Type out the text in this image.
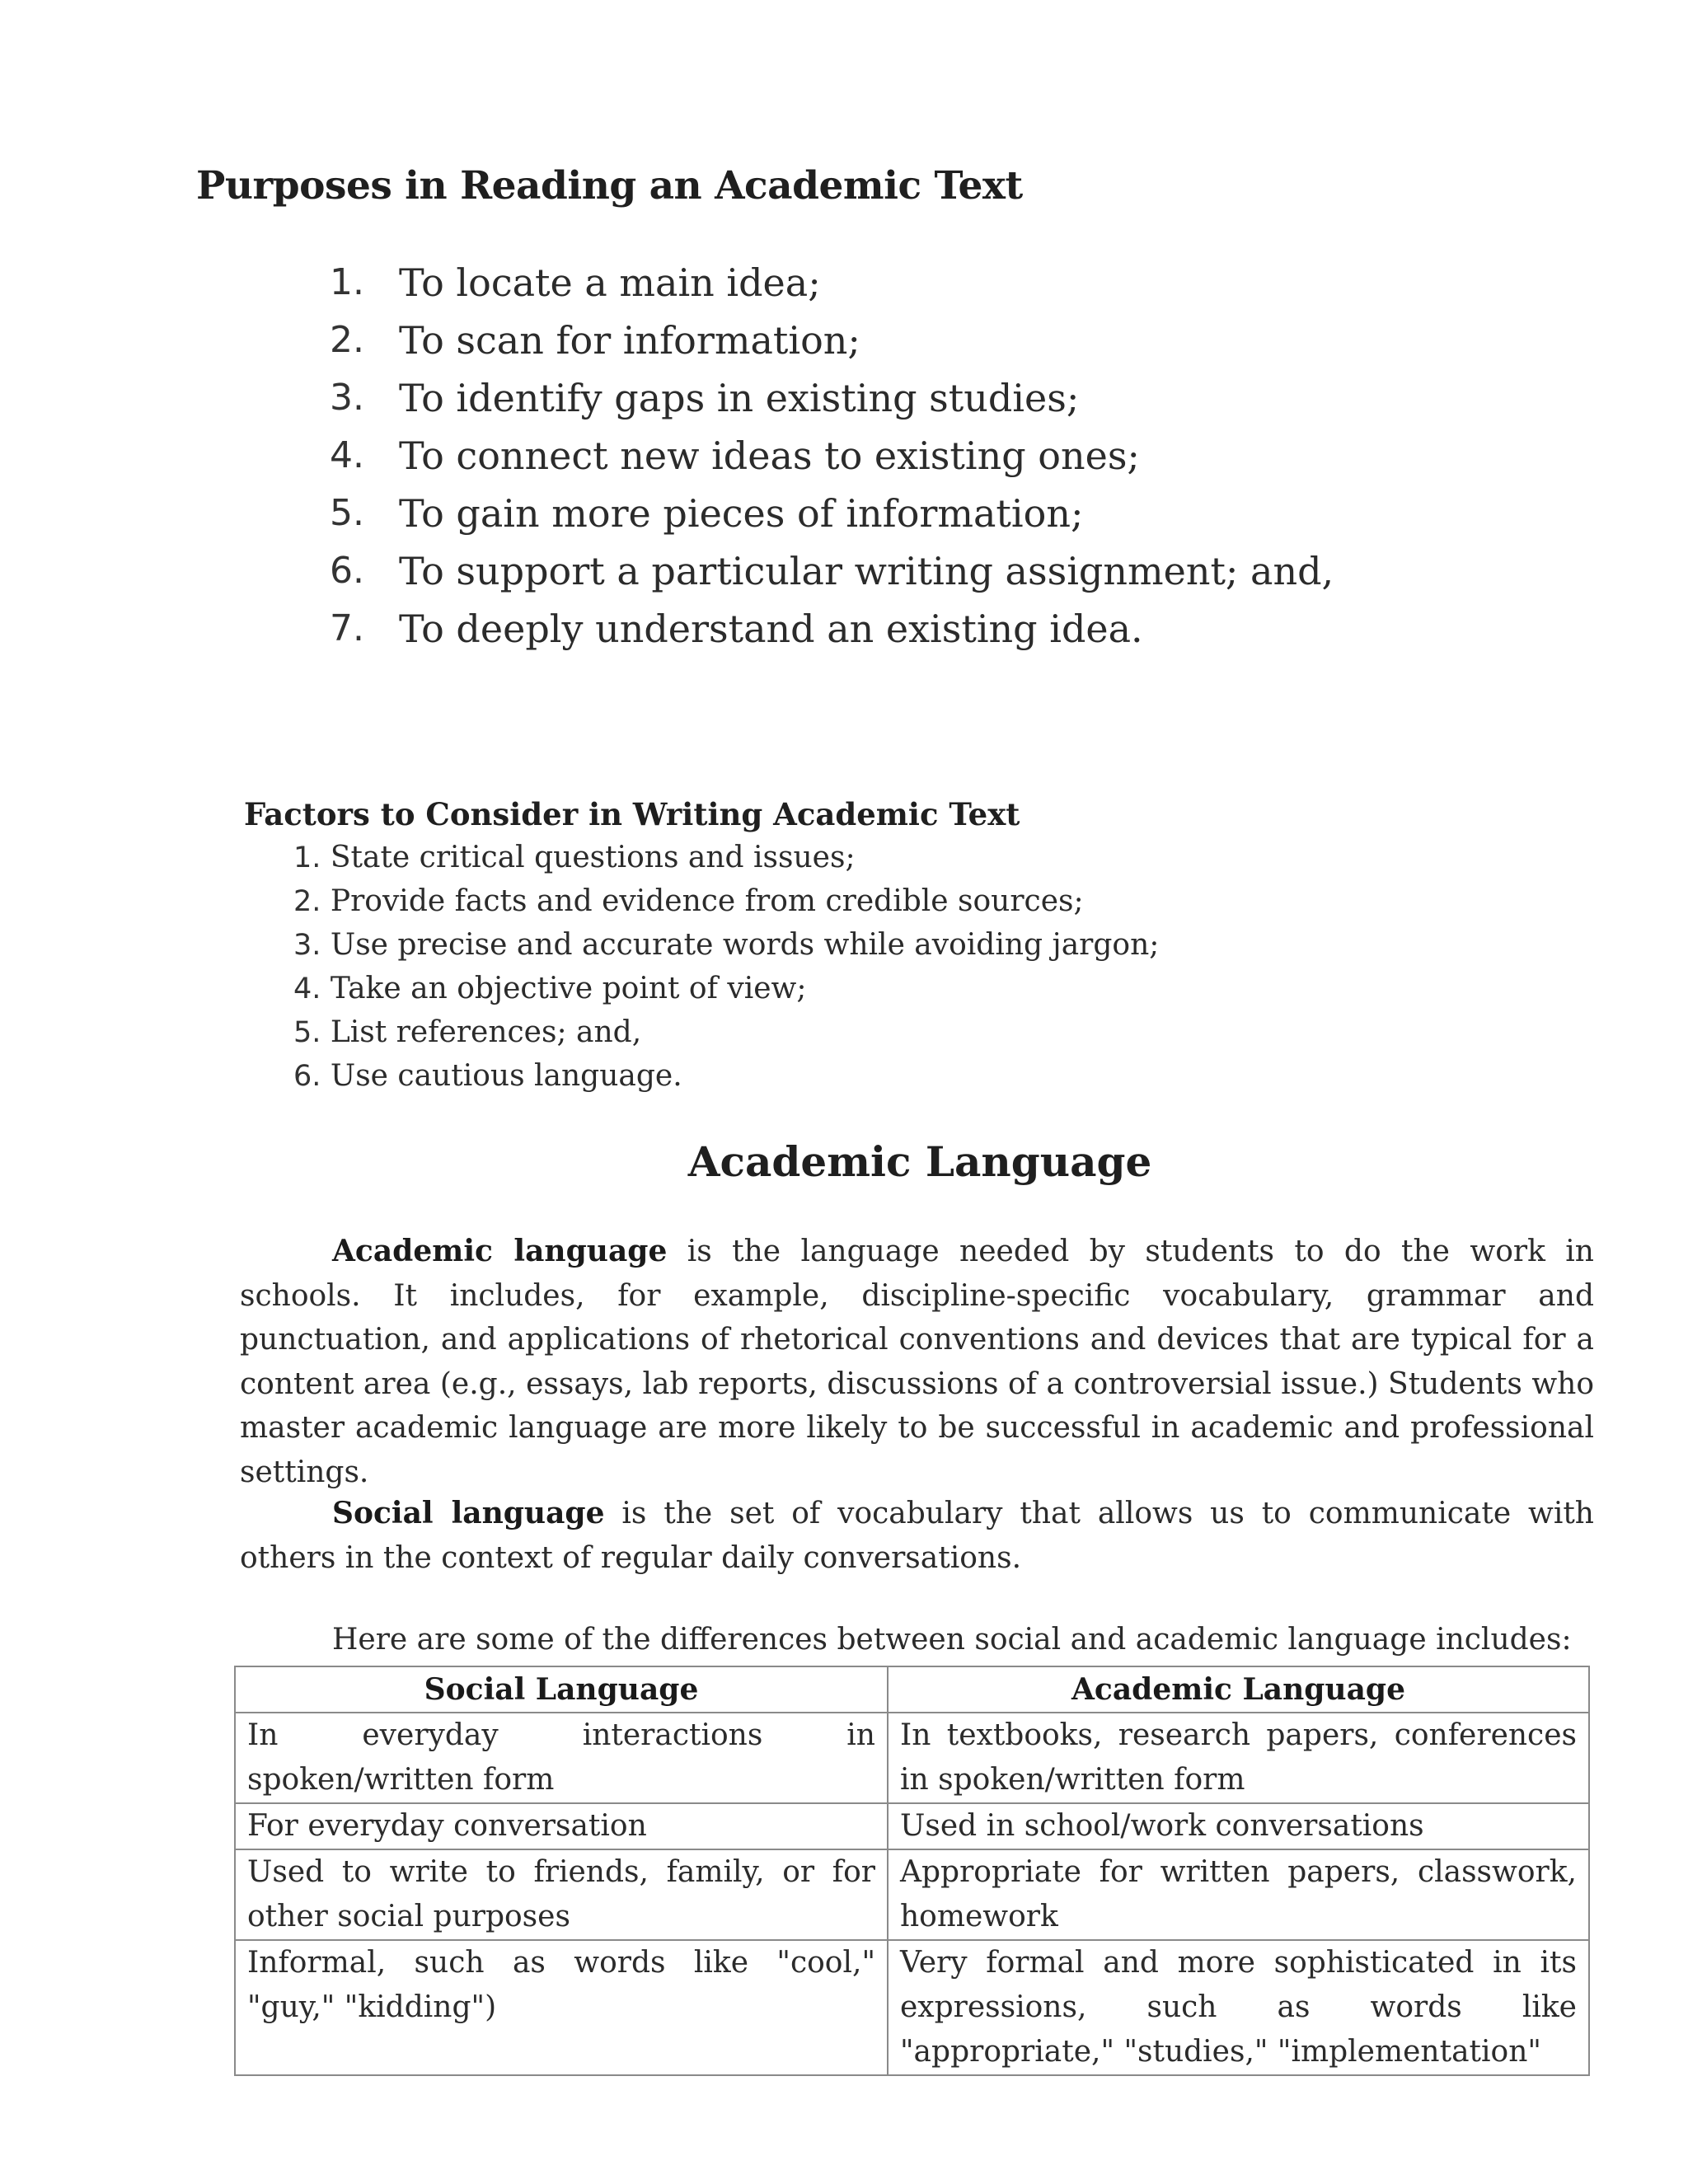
Purposes in Reading an Academic Text
1. To locate a main idea;
2. To scan for information;
3. To identify gaps in existing studies;
4. To connect new ideas to existing ones;
5. To gain more pieces of information;
6. To support a particular writing assignment; and,
7. To deeply understand an existing idea.
Factors to Consider in Writing Academic Text
1. State critical questions and issues;
2. Provide facts and evidence from credible sources;
3. Use precise and accurate words while avoiding jargon;
4. Take an objective point of view;
5. List references; and,
6. Use cautious language.
Academic Language

Academic language is the language needed by students to do the work in schools. It includes, for example, discipline-specific vocabulary, grammar and punctuation, and applications of rhetorical conventions and devices that are typical for a content area (e.g., essays, lab reports, discussions of a controversial issue.) Students who master academic language are more likely to be successful in academic and professional settings.

Social language is the set of vocabulary that allows us to communicate with others in the context of regular daily conversations.

Here are some of the differences between social and academic language includes:
Social Language	Academic Language
In everyday interactions in spoken/written form	In textbooks, research papers, conferences in spoken/written form
For everyday conversation	Used in school/work conversations
Used to write to friends, family, or for other social purposes	Appropriate for written papers, classwork, homework
Informal, such as words like "cool," "guy," "kidding")	Very formal and more sophisticated in its expressions, such as words like "appropriate," "studies," "implementation"
